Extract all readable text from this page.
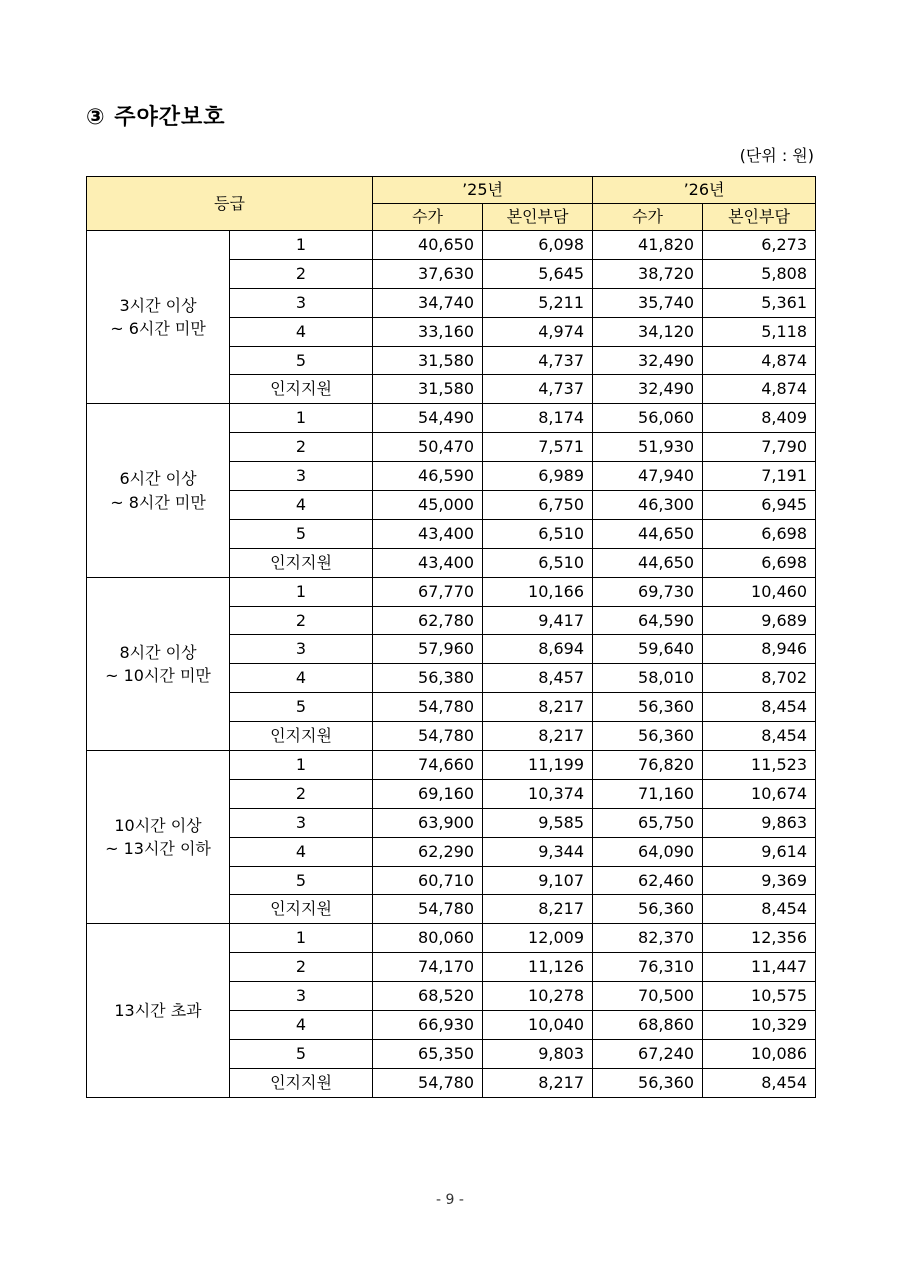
③ 주야간보호
(단위 : 원)
등급		’25년		’26년	
		수가	본인부담	수가	본인부담
3시간 이상
~ 6시간 미만	1	40,650	6,098	41,820	6,273
	2	37,630	5,645	38,720	5,808
	3	34,740	5,211	35,740	5,361
	4	33,160	4,974	34,120	5,118
	5	31,580	4,737	32,490	4,874
	인지지원	31,580	4,737	32,490	4,874
6시간 이상
~ 8시간 미만	1	54,490	8,174	56,060	8,409
	2	50,470	7,571	51,930	7,790
	3	46,590	6,989	47,940	7,191
	4	45,000	6,750	46,300	6,945
	5	43,400	6,510	44,650	6,698
	인지지원	43,400	6,510	44,650	6,698
8시간 이상
~ 10시간 미만	1	67,770	10,166	69,730	10,460
	2	62,780	9,417	64,590	9,689
	3	57,960	8,694	59,640	8,946
	4	56,380	8,457	58,010	8,702
	5	54,780	8,217	56,360	8,454
	인지지원	54,780	8,217	56,360	8,454
10시간 이상
~ 13시간 이하	1	74,660	11,199	76,820	11,523
	2	69,160	10,374	71,160	10,674
	3	63,900	9,585	65,750	9,863
	4	62,290	9,344	64,090	9,614
	5	60,710	9,107	62,460	9,369
	인지지원	54,780	8,217	56,360	8,454
13시간 초과	1	80,060	12,009	82,370	12,356
	2	74,170	11,126	76,310	11,447
	3	68,520	10,278	70,500	10,575
	4	66,930	10,040	68,860	10,329
	5	65,350	9,803	67,240	10,086
	인지지원	54,780	8,217	56,360	8,454
- 9 -
